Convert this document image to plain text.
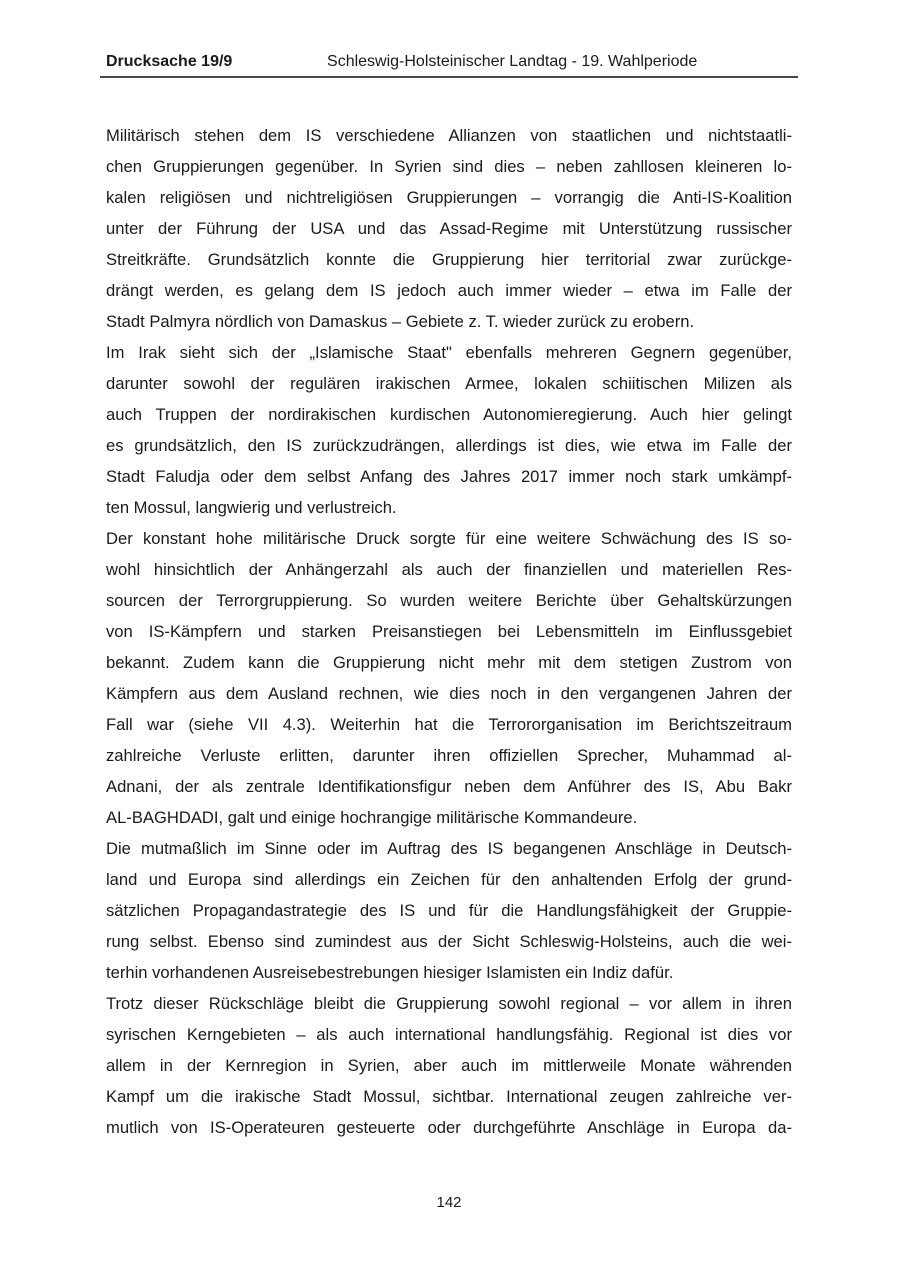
Drucksache 19/9	Schleswig-Holsteinischer Landtag - 19. Wahlperiode
Militärisch stehen dem IS verschiedene Allianzen von staatlichen und nichtstaatli-
chen Gruppierungen gegenüber. In Syrien sind dies – neben zahllosen kleineren lo-
kalen religiösen und nichtreligiösen Gruppierungen – vorrangig die Anti-IS-Koalition
unter der Führung der USA und das Assad-Regime mit Unterstützung russischer
Streitkräfte. Grundsätzlich konnte die Gruppierung hier territorial zwar zurückge-
drängt werden, es gelang dem IS jedoch auch immer wieder – etwa im Falle der
Stadt Palmyra nördlich von Damaskus – Gebiete z. T. wieder zurück zu erobern.
Im Irak sieht sich der „Islamische Staat" ebenfalls mehreren Gegnern gegenüber,
darunter sowohl der regulären irakischen Armee, lokalen schiitischen Milizen als
auch Truppen der nordirakischen kurdischen Autonomieregierung. Auch hier gelingt
es grundsätzlich, den IS zurückzudrängen, allerdings ist dies, wie etwa im Falle der
Stadt Faludja oder dem selbst Anfang des Jahres 2017 immer noch stark umkämpf-
ten Mossul, langwierig und verlustreich.
Der konstant hohe militärische Druck sorgte für eine weitere Schwächung des IS so-
wohl hinsichtlich der Anhängerzahl als auch der finanziellen und materiellen Res-
sourcen der Terrorgruppierung. So wurden weitere Berichte über Gehaltskürzungen
von IS-Kämpfern und starken Preisanstiegen bei Lebensmitteln im Einflussgebiet
bekannt. Zudem kann die Gruppierung nicht mehr mit dem stetigen Zustrom von
Kämpfern aus dem Ausland rechnen, wie dies noch in den vergangenen Jahren der
Fall war (siehe VII 4.3). Weiterhin hat die Terrororganisation im Berichtszeitraum
zahlreiche Verluste erlitten, darunter ihren offiziellen Sprecher, Muhammad al-
Adnani, der als zentrale Identifikationsfigur neben dem Anführer des IS, Abu Bakr
AL-BAGHDADI, galt und einige hochrangige militärische Kommandeure.
Die mutmaßlich im Sinne oder im Auftrag des IS begangenen Anschläge in Deutsch-
land und Europa sind allerdings ein Zeichen für den anhaltenden Erfolg der grund-
sätzlichen Propagandastrategie des IS und für die Handlungsfähigkeit der Gruppie-
rung selbst. Ebenso sind zumindest aus der Sicht Schleswig-Holsteins, auch die wei-
terhin vorhandenen Ausreisebestrebungen hiesiger Islamisten ein Indiz dafür.
Trotz dieser Rückschläge bleibt die Gruppierung sowohl regional – vor allem in ihren
syrischen Kerngebieten – als auch international handlungsfähig. Regional ist dies vor
allem in der Kernregion in Syrien, aber auch im mittlerweile Monate währenden
Kampf um die irakische Stadt Mossul, sichtbar. International zeugen zahlreiche ver-
mutlich von IS-Operateuren gesteuerte oder durchgeführte Anschläge in Europa da-
142
